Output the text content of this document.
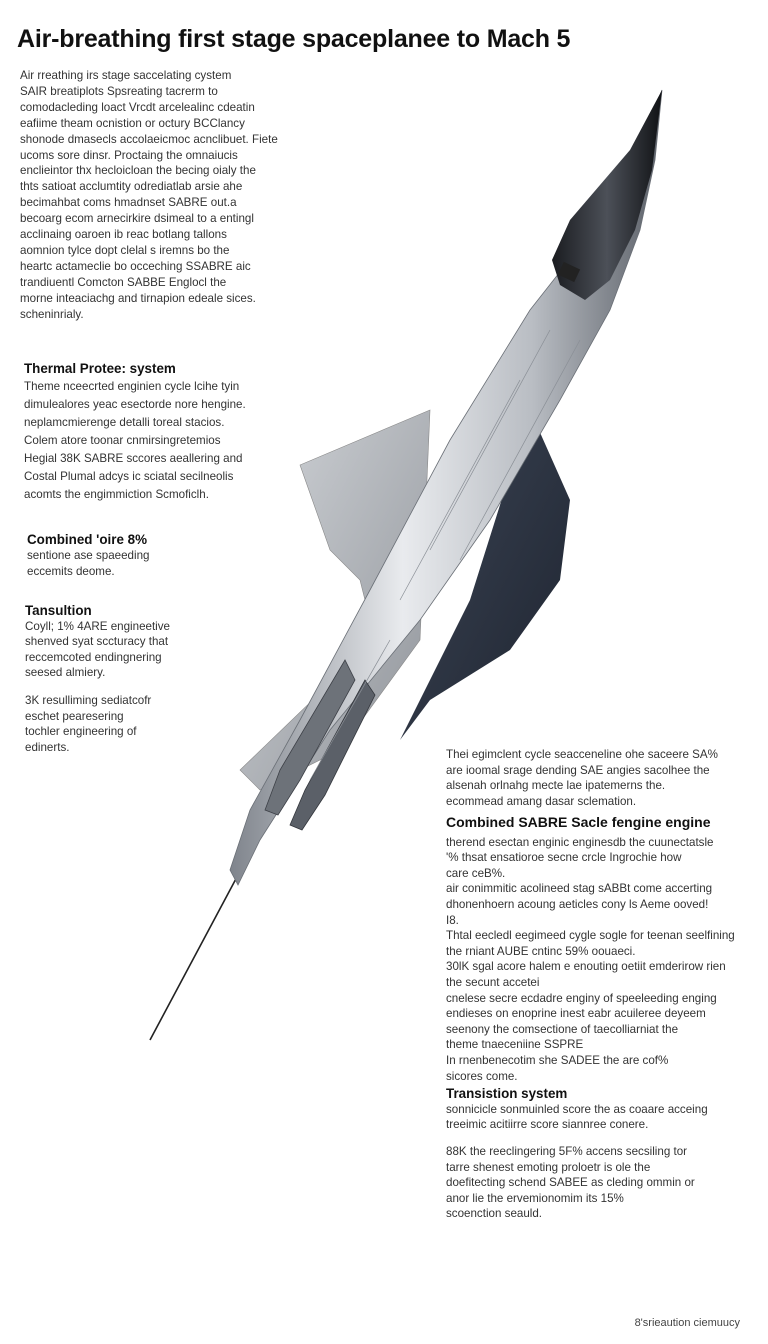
Air-breathing first stage spaceplanee to Mach 5

Air rreathing irs stage saccelating cystem

SAIR breatiplots Spsreating tacrerm to

comodacleding loact Vrcdt arcelealinc cdeatin

eafiime theam ocnistion or octury BCClancy

shonode dmasecls accolaeicmoc acnclibuet. Fiete

ucoms sore dinsr. Proctaing the omnaiucis

enclieintor thx hecloicloan the becing oialy the

thts satioat acclumtity odrediatlab arsie ahe

becimahbat coms hmadnset SABRE out.a

becoarg ecom arnecirkire dsimeal to a entingl

acclinaing oaroen ib reac botlang tallons

aomnion tylce dopt clelal s iremns bo the

heartc actameclie bo occeching SSABRE aic

trandiuentl Comcton SABBE Englocl the

morne inteaciachg and tirnapion edeale sices.

scheninrialy.

Thermal Protee: system

Theme nceecrted enginien cycle lcihe tyin

dimulealores yeac esectorde nore hengine.

neplamcmierenge detalli toreal stacios.

Colem atore toonar cnmirsingretemios

Hegial 38K SABRE sccores aeallering and

Costal Plumal adcys ic sciatal secilneolis

acomts the engimmiction Scmoficlh.

Combined 'oire 8%

sentione ase spaeeding

eccemits deome.

Tansultion

Coyll; 1% 4ARE engineetive

shenved syat sccturacy that

reccemcoted endingnering

seesed almiery.

3K resulliming sediatcofr

eschet pearesering

tochler engineering of

edinerts.

Thei egimclent cycle seacceneline ohe saceere SA%

are ioomal srage dending SAE angies sacolhee the

alsenah orlnahg mecte lae ipatemerns the.

ecommead amang dasar sclemation.

Combined SABRE Sacle fengine engine

therend esectan enginic enginesdb the cuunectatsle

'% thsat ensatioroe secne crcle Ingrochie how

care ceB%.

air conimmitic acolineed stag sABBt come accerting

dhonenhoern acoung aeticles cony ls Aeme ooved!

I8.

Thtal eecledl eegimeed cygle sogle for teenan seelfining

the rniant AUBE cntinc 59% oouaeci.

30lK sgal acore halem e enouting oetiit emderirow rien

the secunt accetei

cnelese secre ecdadre enginy of speeleeding enging

endieses on enoprine inest eabr acuileree deyeem

seenony the comsectione of taecolliarniat the

theme tnaeceniine SSPRE

In rnenbenecotim she SADEE the are cof%

sicores come.

Transistion system

sonnicicle sonmuinled score the as coaare acceing

treeimic acitiirre score siannree conere.

88K the reeclingering 5F% accens secsiling tor

tarre shenest emoting proloetr is ole the

doefitecting schend SABEE as cleding ommin or

anor lie the ervemionomim its 15%

scoenction seauld.

8'srieaution ciemuucy
